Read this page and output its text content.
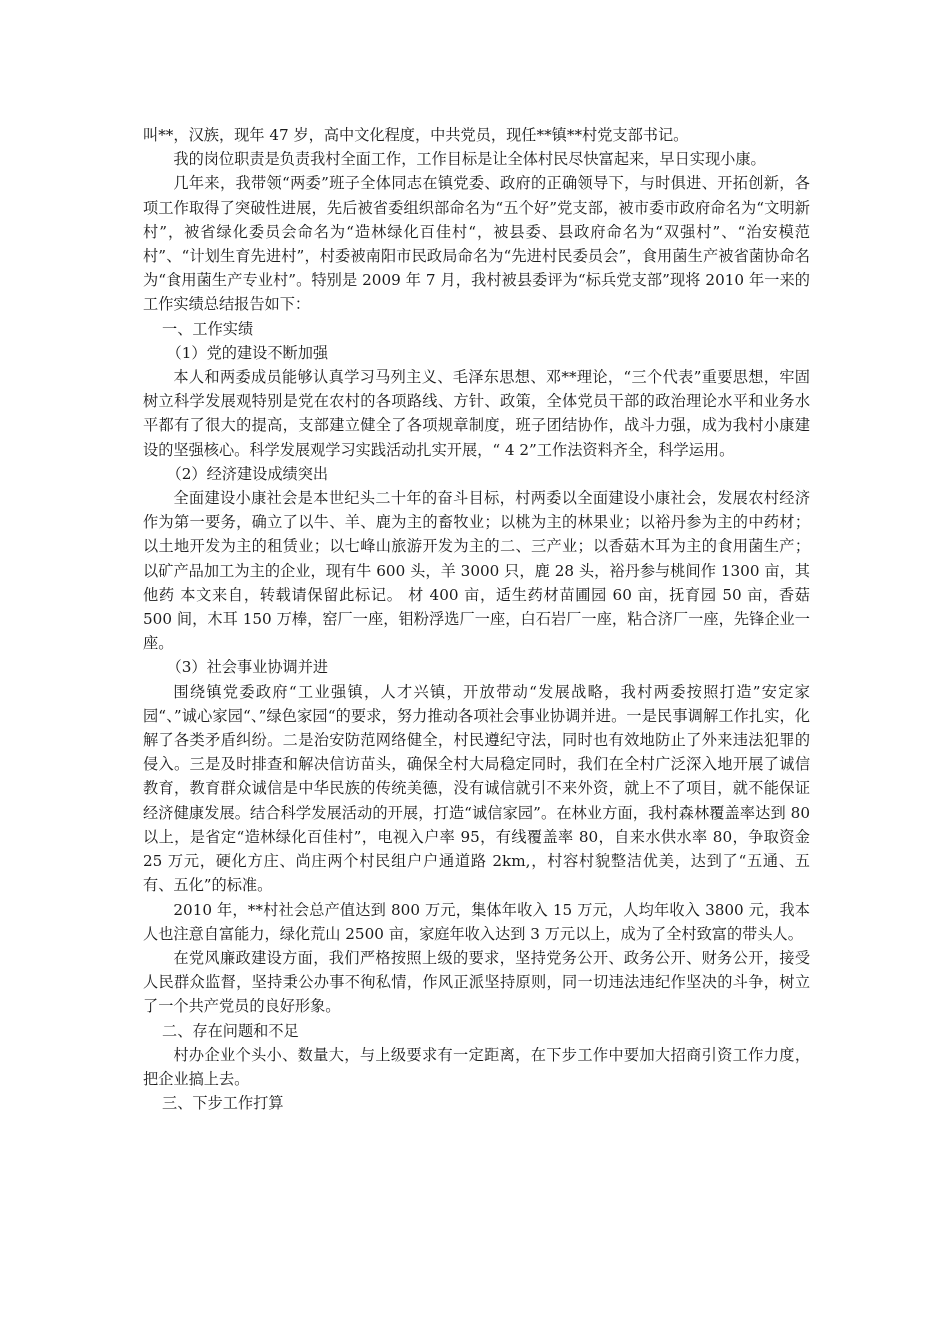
叫**，汉族，现年 47 岁，高中文化程度，中共党员，现任**镇**村党支部书记。

我的岗位职责是负责我村全面工作，工作目标是让全体村民尽快富起来，早日实现小康。

几年来，我带领“两委”班子全体同志在镇党委、政府的正确领导下，与时俱进、开拓创新，各项工作取得了突破性进展，先后被省委组织部命名为“五个好”党支部，被市委市政府命名为“文明新村”，被省绿化委员会命名为“造林绿化百佳村“，被县委、县政府命名为“双强村”、“治安模范村”、“计划生育先进村”，村委被南阳市民政局命名为“先进村民委员会”，食用菌生产被省菌协命名为“食用菌生产专业村”。特别是 2009 年 7 月，我村被县委评为“标兵党支部”现将 2010 年一来的工作实绩总结报告如下：

一、工作实绩

（1）党的建设不断加强

本人和两委成员能够认真学习马列主义、毛泽东思想、邓**理论，“三个代表”重要思想，牢固树立科学发展观特别是党在农村的各项路线、方针、政策，全体党员干部的政治理论水平和业务水平都有了很大的提高，支部建立健全了各项规章制度，班子团结协作，战斗力强，成为我村小康建设的坚强核心。科学发展观学习实践活动扎实开展，“ 4 2”工作法资料齐全，科学运用。

（2）经济建设成绩突出

全面建设小康社会是本世纪头二十年的奋斗目标，村两委以全面建设小康社会，发展农村经济作为第一要务，确立了以牛、羊、鹿为主的畜牧业；以桃为主的林果业；以裕丹参为主的中药材；以土地开发为主的租赁业；以七峰山旅游开发为主的二、三产业；以香菇木耳为主的食用菌生产；以矿产品加工为主的企业，现有牛 600 头，羊 3000 只，鹿 28 头，裕丹参与桃间作 1300 亩，其他药 本文来自，转载请保留此标记。 材 400 亩，适生药材苗圃园 60 亩，抚育园 50 亩，香菇 500 间，木耳 150 万棒，窑厂一座，钼粉浮选厂一座，白石岩厂一座，粘合济厂一座，先锋企业一座。

（3）社会事业协调并进

围绕镇党委政府“工业强镇，人才兴镇，开放带动“发展战略，我村两委按照打造”安定家园“、”诚心家园“、”绿色家园“的要求，努力推动各项社会事业协调并进。一是民事调解工作扎实，化解了各类矛盾纠纷。二是治安防范网络健全，村民遵纪守法，同时也有效地防止了外来违法犯罪的侵入。三是及时排查和解决信访苗头，确保全村大局稳定同时，我们在全村广泛深入地开展了诚信教育，教育群众诚信是中华民族的传统美德，没有诚信就引不来外资，就上不了项目，就不能保证经济健康发展。结合科学发展活动的开展，打造“诚信家园”。在林业方面，我村森林覆盖率达到 80 以上，是省定“造林绿化百佳村”，电视入户率 95，有线覆盖率 80，自来水供水率 80，争取资金 25 万元，硬化方庄、尚庄两个村民组户户通道路 2km,，村容村貌整洁优美，达到了“五通、五有、五化”的标准。

2010 年，**村社会总产值达到 800 万元，集体年收入 15 万元，人均年收入 3800 元，我本人也注意自富能力，绿化荒山 2500 亩，家庭年收入达到 3 万元以上，成为了全村致富的带头人。

在党风廉政建设方面，我们严格按照上级的要求，坚持党务公开、政务公开、财务公开，接受人民群众监督，坚持秉公办事不徇私情，作风正派坚持原则，同一切违法违纪作坚决的斗争，树立了一个共产党员的良好形象。

二、存在问题和不足

村办企业个头小、数量大，与上级要求有一定距离，在下步工作中要加大招商引资工作力度，把企业搞上去。

三、下步工作打算
